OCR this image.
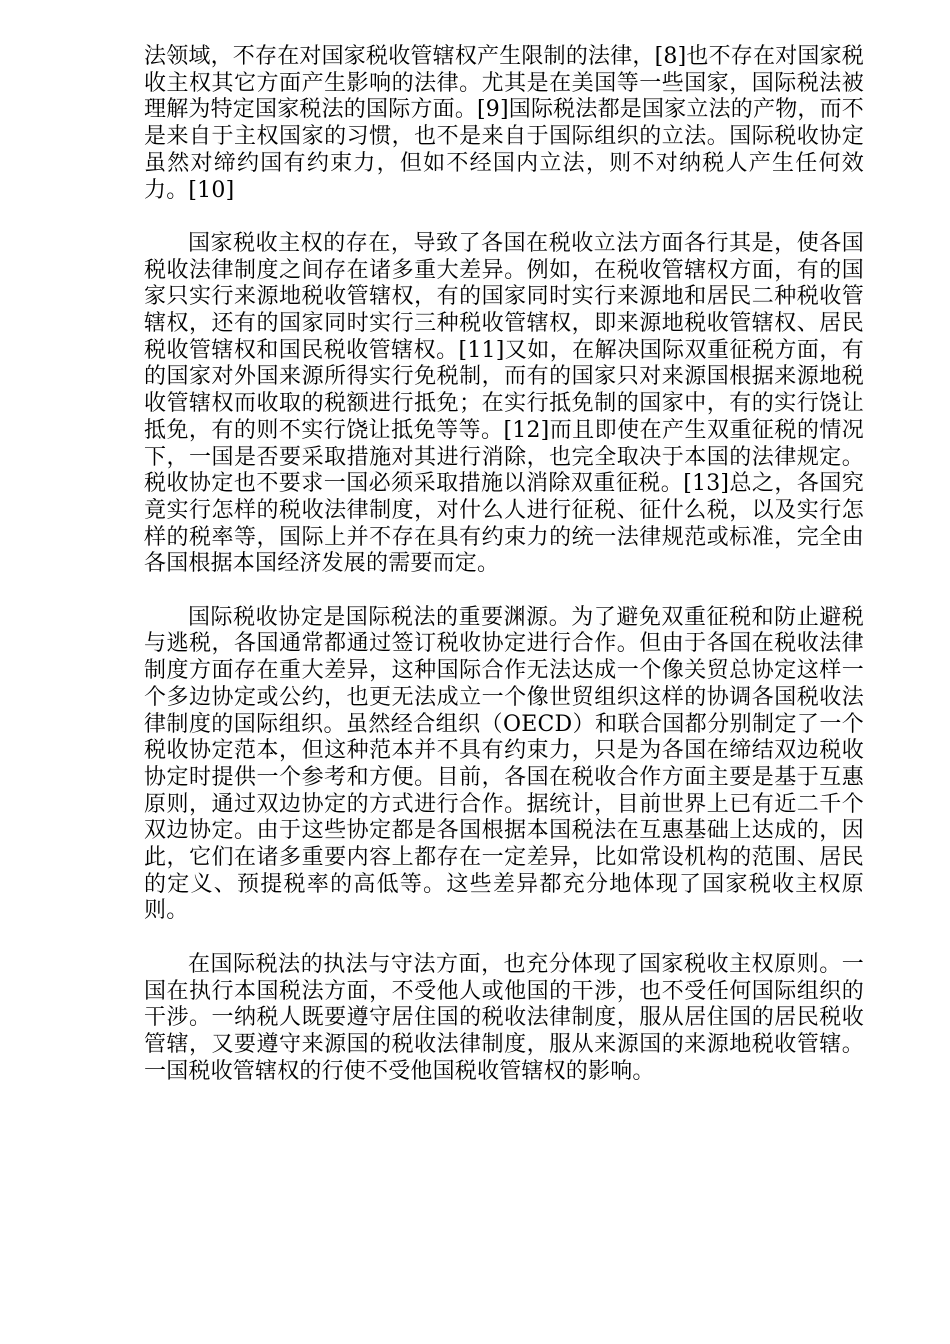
法领域，不存在对国家税收管辖权产生限制的法律，[8]也不存在对国家税收主权其它方面产生影响的法律。尤其是在美国等一些国家，国际税法被理解为特定国家税法的国际方面。[9]国际税法都是国家立法的产物，而不是来自于主权国家的习惯，也不是来自于国际组织的立法。国际税收协定虽然对缔约国有约束力，但如不经国内立法，则不对纳税人产生任何效力。[10]

国家税收主权的存在，导致了各国在税收立法方面各行其是，使各国税收法律制度之间存在诸多重大差异。例如，在税收管辖权方面，有的国家只实行来源地税收管辖权，有的国家同时实行来源地和居民二种税收管辖权，还有的国家同时实行三种税收管辖权，即来源地税收管辖权、居民税收管辖权和国民税收管辖权。[11]又如，在解决国际双重征税方面，有的国家对外国来源所得实行免税制，而有的国家只对来源国根据来源地税收管辖权而收取的税额进行抵免；在实行抵免制的国家中，有的实行饶让抵免，有的则不实行饶让抵免等等。[12]而且即使在产生双重征税的情况下，一国是否要采取措施对其进行消除，也完全取决于本国的法律规定。税收协定也不要求一国必须采取措施以消除双重征税。[13]总之，各国究竟实行怎样的税收法律制度，对什么人进行征税、征什么税，以及实行怎样的税率等，国际上并不存在具有约束力的统一法律规范或标准，完全由各国根据本国经济发展的需要而定。

国际税收协定是国际税法的重要渊源。为了避免双重征税和防止避税与逃税，各国通常都通过签订税收协定进行合作。但由于各国在税收法律制度方面存在重大差异，这种国际合作无法达成一个像关贸总协定这样一个多边协定或公约，也更无法成立一个像世贸组织这样的协调各国税收法律制度的国际组织。虽然经合组织（OECD）和联合国都分别制定了一个税收协定范本，但这种范本并不具有约束力，只是为各国在缔结双边税收协定时提供一个参考和方便。目前，各国在税收合作方面主要是基于互惠原则，通过双边协定的方式进行合作。据统计，目前世界上已有近二千个双边协定。由于这些协定都是各国根据本国税法在互惠基础上达成的，因此，它们在诸多重要内容上都存在一定差异，比如常设机构的范围、居民的定义、预提税率的高低等。这些差异都充分地体现了国家税收主权原则。

在国际税法的执法与守法方面，也充分体现了国家税收主权原则。一国在执行本国税法方面，不受他人或他国的干涉，也不受任何国际组织的干涉。一纳税人既要遵守居住国的税收法律制度，服从居住国的居民税收管辖，又要遵守来源国的税收法律制度，服从来源国的来源地税收管辖。一国税收管辖权的行使不受他国税收管辖权的影响。
